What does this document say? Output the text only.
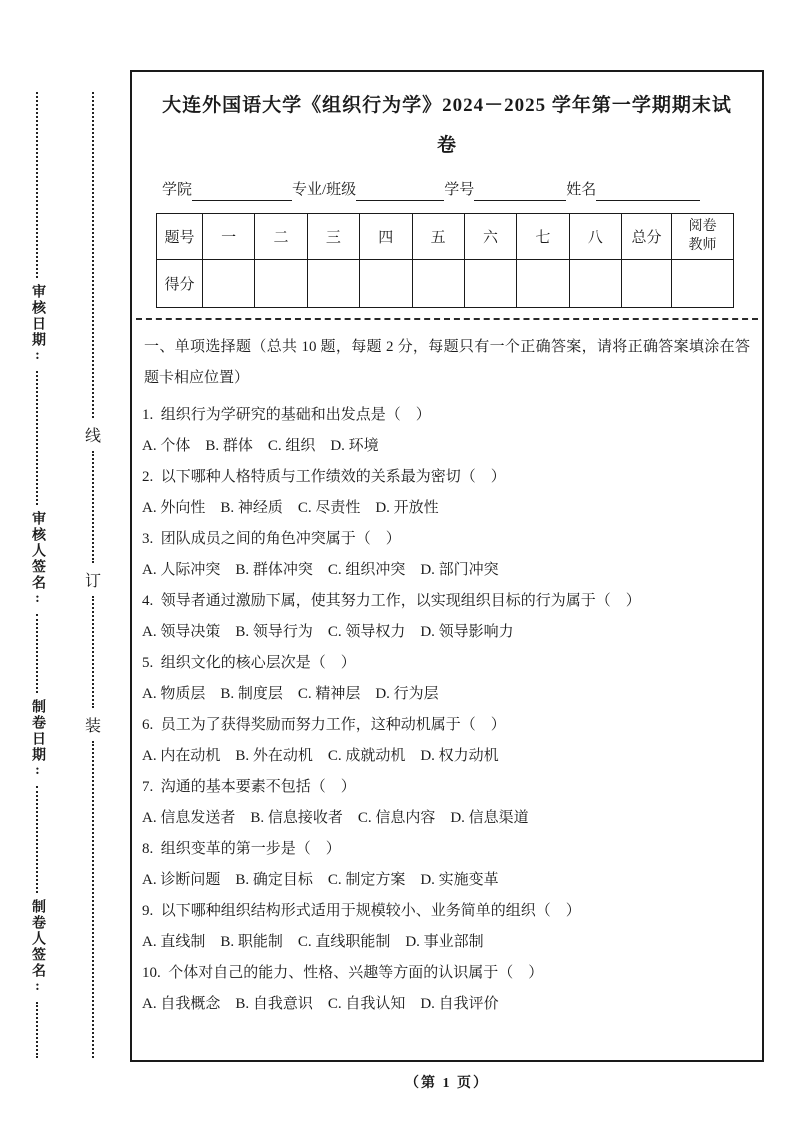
审核日期:
审核人签名:
制卷日期:
制卷人签名:
线
订
装
大连外国语大学《组织行为学》2024－2025 学年第一学期期末试
卷
学院	专业/班级	学号	姓名
题号	一	二	三	四	五	六	七	八	总分	阅卷教师
得分										
一、单项选择题（总共 10 题，每题 2 分，每题只有一个正确答案，请将正确答案填涂在答题卡相应位置）
1.  组织行为学研究的基础和出发点是（　）
A. 个体    B. 群体    C. 组织    D. 环境
2.  以下哪种人格特质与工作绩效的关系最为密切（　）
A. 外向性    B. 神经质    C. 尽责性    D. 开放性
3.  团队成员之间的角色冲突属于（　）
A. 人际冲突    B. 群体冲突    C. 组织冲突    D. 部门冲突
4.  领导者通过激励下属，使其努力工作，以实现组织目标的行为属于（　）
A. 领导决策    B. 领导行为    C. 领导权力    D. 领导影响力
5.  组织文化的核心层次是（　）
A. 物质层    B. 制度层    C. 精神层    D. 行为层
6.  员工为了获得奖励而努力工作，这种动机属于（　）
A. 内在动机    B. 外在动机    C. 成就动机    D. 权力动机
7.  沟通的基本要素不包括（　）
A. 信息发送者    B. 信息接收者    C. 信息内容    D. 信息渠道
8.  组织变革的第一步是（　）
A. 诊断问题    B. 确定目标    C. 制定方案    D. 实施变革
9.  以下哪种组织结构形式适用于规模较小、业务简单的组织（　）
A. 直线制    B. 职能制    C. 直线职能制    D. 事业部制
10.  个体对自己的能力、性格、兴趣等方面的认识属于（　）
A. 自我概念    B. 自我意识    C. 自我认知    D. 自我评价
（第 1 页）
